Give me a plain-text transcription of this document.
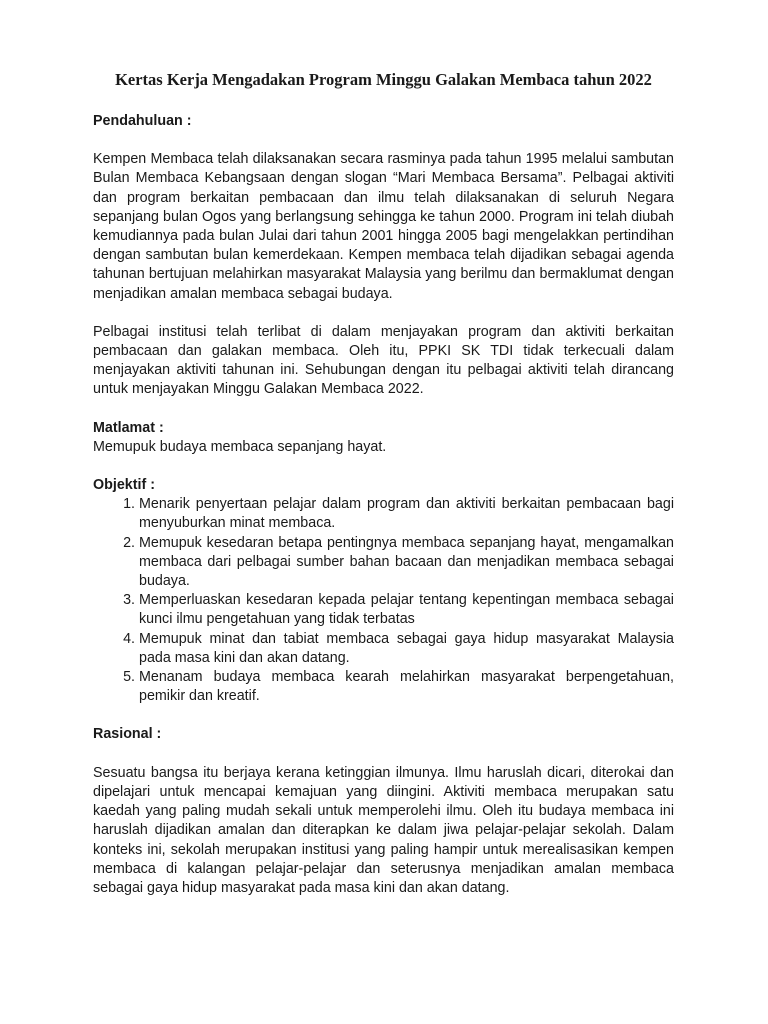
Kertas Kerja Mengadakan Program Minggu Galakan Membaca tahun 2022

Pendahuluan :

Kempen Membaca telah dilaksanakan secara rasminya pada tahun 1995 melalui sambutan Bulan Membaca Kebangsaan dengan slogan “Mari Membaca Bersama”. Pelbagai aktiviti dan program berkaitan pembacaan dan ilmu telah dilaksanakan di seluruh Negara sepanjang bulan Ogos yang berlangsung sehingga ke tahun 2000. Program ini telah diubah kemudiannya pada bulan Julai dari tahun 2001 hingga 2005 bagi mengelakkan pertindihan dengan sambutan bulan kemerdekaan. Kempen membaca telah dijadikan sebagai agenda tahunan bertujuan melahirkan masyarakat Malaysia yang berilmu dan bermaklumat dengan menjadikan amalan membaca sebagai budaya.

Pelbagai institusi telah terlibat di dalam menjayakan program dan aktiviti berkaitan pembacaan dan galakan membaca. Oleh itu, PPKI SK TDI tidak terkecuali dalam menjayakan aktiviti tahunan ini. Sehubungan dengan itu pelbagai aktiviti telah dirancang untuk menjayakan Minggu Galakan Membaca 2022.

Matlamat :

Memupuk budaya membaca sepanjang hayat.

Objektif :

1. Menarik penyertaan pelajar dalam program dan aktiviti berkaitan pembacaan bagi menyuburkan minat membaca.
2. Memupuk kesedaran betapa pentingnya membaca sepanjang hayat, mengamalkan membaca dari pelbagai sumber bahan bacaan dan menjadikan membaca sebagai budaya.
3. Memperluaskan kesedaran kepada pelajar tentang kepentingan membaca sebagai kunci ilmu pengetahuan yang tidak terbatas
4. Memupuk minat dan tabiat membaca sebagai gaya hidup masyarakat Malaysia pada masa kini dan akan datang.
5. Menanam budaya membaca kearah melahirkan masyarakat berpengetahuan, pemikir dan kreatif.

Rasional :

Sesuatu bangsa itu berjaya kerana ketinggian ilmunya. Ilmu haruslah dicari, diterokai dan dipelajari untuk mencapai kemajuan yang diingini. Aktiviti membaca merupakan satu kaedah yang paling mudah sekali untuk memperolehi ilmu. Oleh itu budaya membaca ini haruslah dijadikan amalan dan diterapkan ke dalam jiwa pelajar-pelajar sekolah. Dalam konteks ini, sekolah merupakan institusi yang paling hampir untuk merealisasikan kempen membaca di kalangan pelajar-pelajar dan seterusnya menjadikan amalan membaca sebagai gaya hidup masyarakat pada masa kini dan akan datang.
